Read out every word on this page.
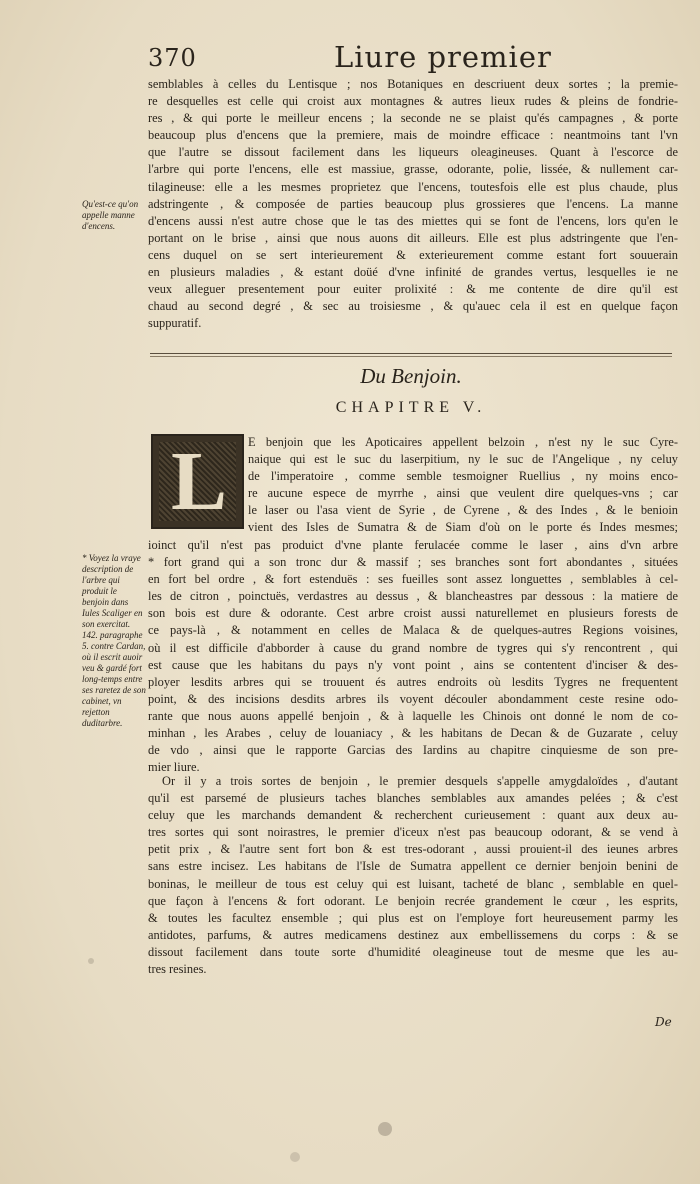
370	Liure premier

semblables à celles du Lentisque ; nos Botaniques en descriuent deux sortes ; la premie-

re desquelles est celle qui croist aux montagnes & autres lieux rudes & pleins de fondrie-

res , & qui porte le meilleur encens ; la seconde ne se plaist qu'és campagnes , & porte

beaucoup plus d'encens que la premiere, mais de moindre efficace : neantmoins tant l'vn

que l'autre se dissout facilement dans les liqueurs oleagineuses. Quant à l'escorce de

l'arbre qui porte l'encens, elle est massiue, grasse, odorante, polie, lissée, & nullement car-

tilagineuse: elle a les mesmes proprietez que l'encens, toutesfois elle est plus chaude, plus

adstringente , & composée de parties beaucoup plus grossieres que l'encens. La manne

d'encens aussi n'est autre chose que le tas des miettes qui se font de l'encens, lors qu'en le

portant on le brise , ainsi que nous auons dit ailleurs. Elle est plus adstringente que l'en-

cens duquel on se sert interieurement & exterieurement comme estant fort souuerain

en plusieurs maladies , & estant doüé d'vne infinité de grandes vertus, lesquelles ie ne

veux alleguer presentement pour euiter prolixité : & me contente de dire qu'il est

chaud au second degré , & sec au troisiesme , & qu'auec cela il est en quelque façon

suppuratif.

Qu'est-ce qu'on appelle manne d'encens.
Du Benjoin.
CHAPITRE V.
L E benjoin que les Apoticaires appellent belzoin , n'est ny le suc Cyre-

naique qui est le suc du laserpitium, ny le suc de l'Angelique , ny celuy

de l'imperatoire , comme semble tesmoigner Ruellius , ny moins enco-

re aucune espece de myrrhe , ainsi que veulent dire quelques-vns ; car

le laser ou l'asa vient de Syrie , de Cyrene , & des Indes , & le benioin

vient des Isles de Sumatra & de Siam d'où on le porte és Indes mesmes;

ioinct qu'il n'est pas produict d'vne plante ferulacée comme le laser , ains d'vn arbre

* fort grand qui a son tronc dur & massif ; ses branches sont fort abondantes , situées

en fort bel ordre , & fort estenduës : ses fueilles sont assez longuettes , semblables à cel-

les de citron , poinctuës, verdastres au dessus , & blancheastres par dessous : la matiere de

son bois est dure & odorante. Cest arbre croist aussi naturellemet en plusieurs forests de

ce pays-là , & notamment en celles de Malaca & de quelques-autres Regions voisines,

où il est difficile d'abborder à cause du grand nombre de tygres qui s'y rencontrent , qui

est cause que les habitans du pays n'y vont point , ains se contentent d'inciser & des-

ployer lesdits arbres qui se trouuent és autres endroits où lesdits Tygres ne frequentent

point, & des incisions desdits arbres ils voyent découler abondamment ceste resine odo-

rante que nous auons appellé benjoin , & à laquelle les Chinois ont donné le nom de co-

minhan , les Arabes , celuy de louaniacy , & les habitans de Decan & de Guzarate , celuy

de vdo , ainsi que le rapporte Garcias des Iardins au chapitre cinquiesme de son pre-

mier liure.

* Voyez la vraye description de l'arbre qui produit le benjoin dans Iules Scaliger en son exercitat. 142. paragraphe 5. contre Cardan, où il escrit auoir veu & gardé fort long-temps entre ses raretez de son cabinet, vn rejetton duditarbre.

Or il y a trois sortes de benjoin , le premier desquels s'appelle amygdaloïdes , d'autant

qu'il est parsemé de plusieurs taches blanches semblables aux amandes pelées ; & c'est

celuy que les marchands demandent & recherchent curieusement : quant aux deux au-

tres sortes qui sont noirastres, le premier d'iceux n'est pas beaucoup odorant, & se vend à

petit prix , & l'autre sent fort bon & est tres-odorant , aussi prouient-il des ieunes arbres

sans estre incisez. Les habitans de l'Isle de Sumatra appellent ce dernier benjoin benini de

boninas, le meilleur de tous est celuy qui est luisant, tacheté de blanc , semblable en quel-

que façon à l'encens & fort odorant. Le benjoin recrée grandement le cœur , les esprits,

& toutes les facultez ensemble ; qui plus est on l'employe fort heureusement parmy les

antidotes, parfums, & autres medicamens destinez aux embellissemens du corps : & se

dissout facilement dans toute sorte d'humidité oleagineuse tout de mesme que les au-

tres resines.

De
